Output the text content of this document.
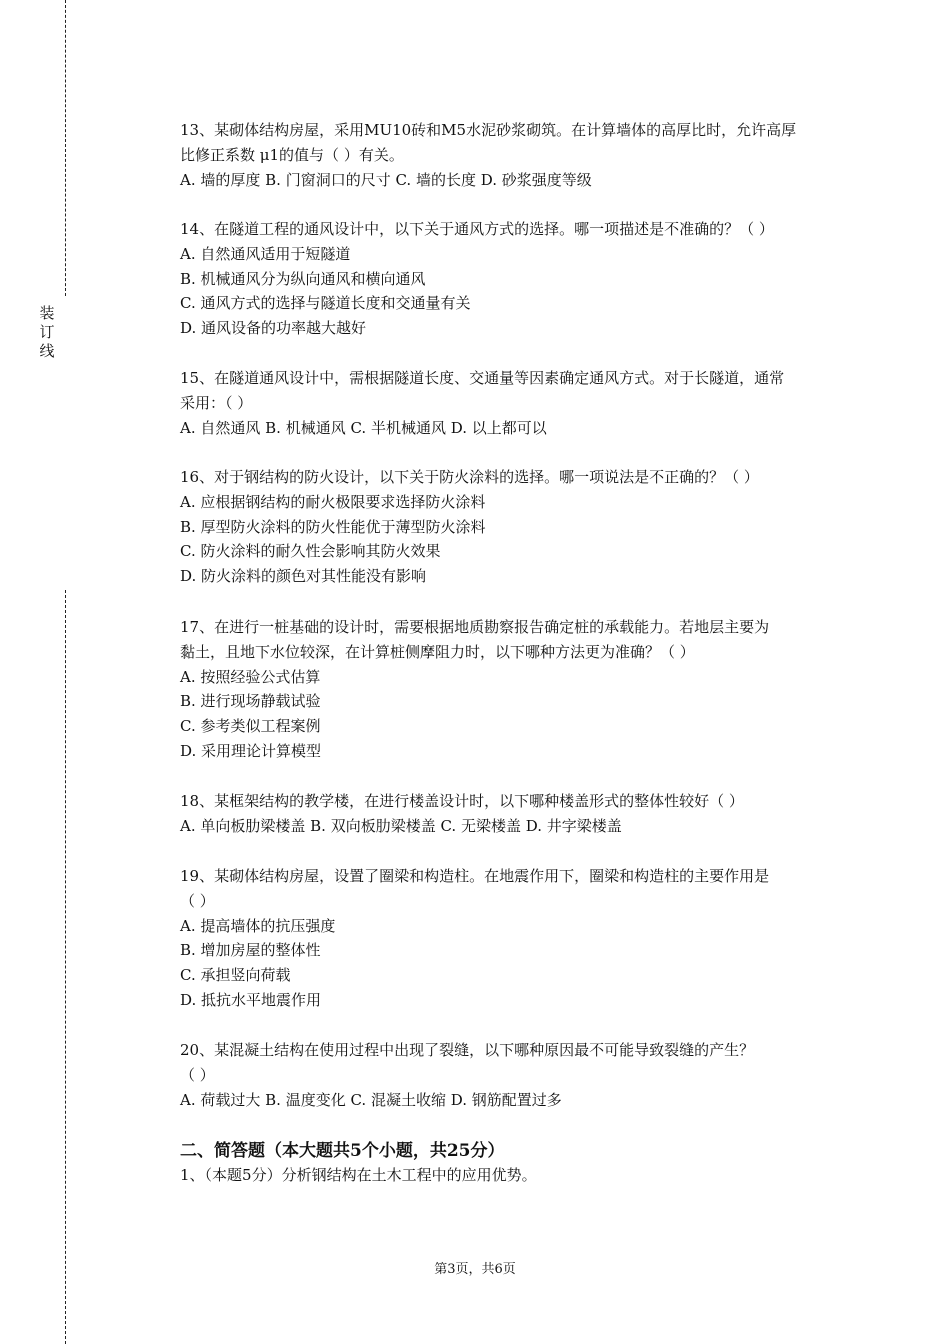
装订线
13、某砌体结构房屋，采用MU10砖和M5水泥砂浆砌筑。在计算墙体的高厚比时，允许高厚
比修正系数 μ1的值与（ ）有关。
A. 墙的厚度 B. 门窗洞口的尺寸 C. 墙的长度 D. 砂浆强度等级
14、在隧道工程的通风设计中，以下关于通风方式的选择。哪一项描述是不准确的？（ ）
A. 自然通风适用于短隧道
B. 机械通风分为纵向通风和横向通风
C. 通风方式的选择与隧道长度和交通量有关
D. 通风设备的功率越大越好
15、在隧道通风设计中，需根据隧道长度、交通量等因素确定通风方式。对于长隧道，通常
采用：（ ）
A. 自然通风 B. 机械通风 C. 半机械通风 D. 以上都可以
16、对于钢结构的防火设计，以下关于防火涂料的选择。哪一项说法是不正确的？（ ）
A. 应根据钢结构的耐火极限要求选择防火涂料
B. 厚型防火涂料的防火性能优于薄型防火涂料
C. 防火涂料的耐久性会影响其防火效果
D. 防火涂料的颜色对其性能没有影响
17、在进行一桩基础的设计时，需要根据地质勘察报告确定桩的承载能力。若地层主要为
黏土，且地下水位较深，在计算桩侧摩阻力时，以下哪种方法更为准确？（ ）
A. 按照经验公式估算
B. 进行现场静载试验
C. 参考类似工程案例
D. 采用理论计算模型
18、某框架结构的教学楼，在进行楼盖设计时，以下哪种楼盖形式的整体性较好（ ）
A. 单向板肋梁楼盖 B. 双向板肋梁楼盖 C. 无梁楼盖 D. 井字梁楼盖
19、某砌体结构房屋，设置了圈梁和构造柱。在地震作用下，圈梁和构造柱的主要作用是
（ ）
A. 提高墙体的抗压强度
B. 增加房屋的整体性
C. 承担竖向荷载
D. 抵抗水平地震作用
20、某混凝土结构在使用过程中出现了裂缝，以下哪种原因最不可能导致裂缝的产生？
（ ）
A. 荷载过大 B. 温度变化 C. 混凝土收缩 D. 钢筋配置过多
二、简答题（本大题共5个小题，共25分）
1、（本题5分）分析钢结构在土木工程中的应用优势。
第3页，共6页
